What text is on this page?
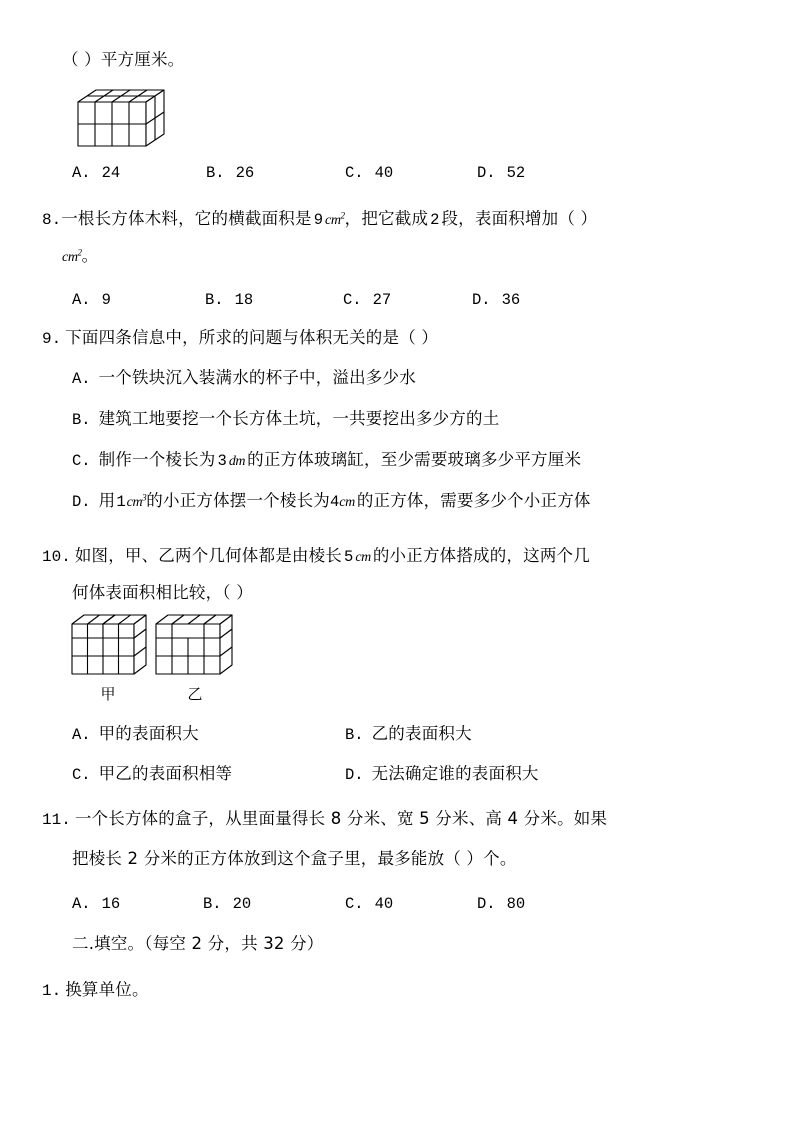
（ ）平方厘米。
A. 24	B. 26	C. 40	D. 52
8.一根长方体木料，它的横截面积是 9 $cm^2$，把它截成 2 段，表面积增加（ ）
$cm^2$。
A. 9	B. 18	C. 27	D. 36
9. 下面四条信息中，所求的问题与体积无关的是（ ）
A. 一个铁块沉入装满水的杯子中，溢出多少水
B. 建筑工地要挖一个长方体土坑，一共要挖出多少方的土
C. 制作一个棱长为 3 dm 的正方体玻璃缸，至少需要玻璃多少平方厘米
D. 用$1cm^3$的小正方体摆一个棱长为4cm 的正方体，需要多少个小正方体
10. 如图，甲、乙两个几何体都是由棱长 5 cm 的小正方体搭成的，这两个几
何体表面积相比较，（ ）
甲	乙
A. 甲的表面积大	B. 乙的表面积大
C. 甲乙的表面积相等	D. 无法确定谁的表面积大
11. 一个长方体的盒子，从里面量得长 8 分米、宽 5 分米、高 4 分米。如果
把棱长 2 分米的正方体放到这个盒子里，最多能放（ ）个。
A. 16	B. 20	C. 40	D. 80
二.填空。（每空 2 分，共 32 分）
1. 换算单位。
